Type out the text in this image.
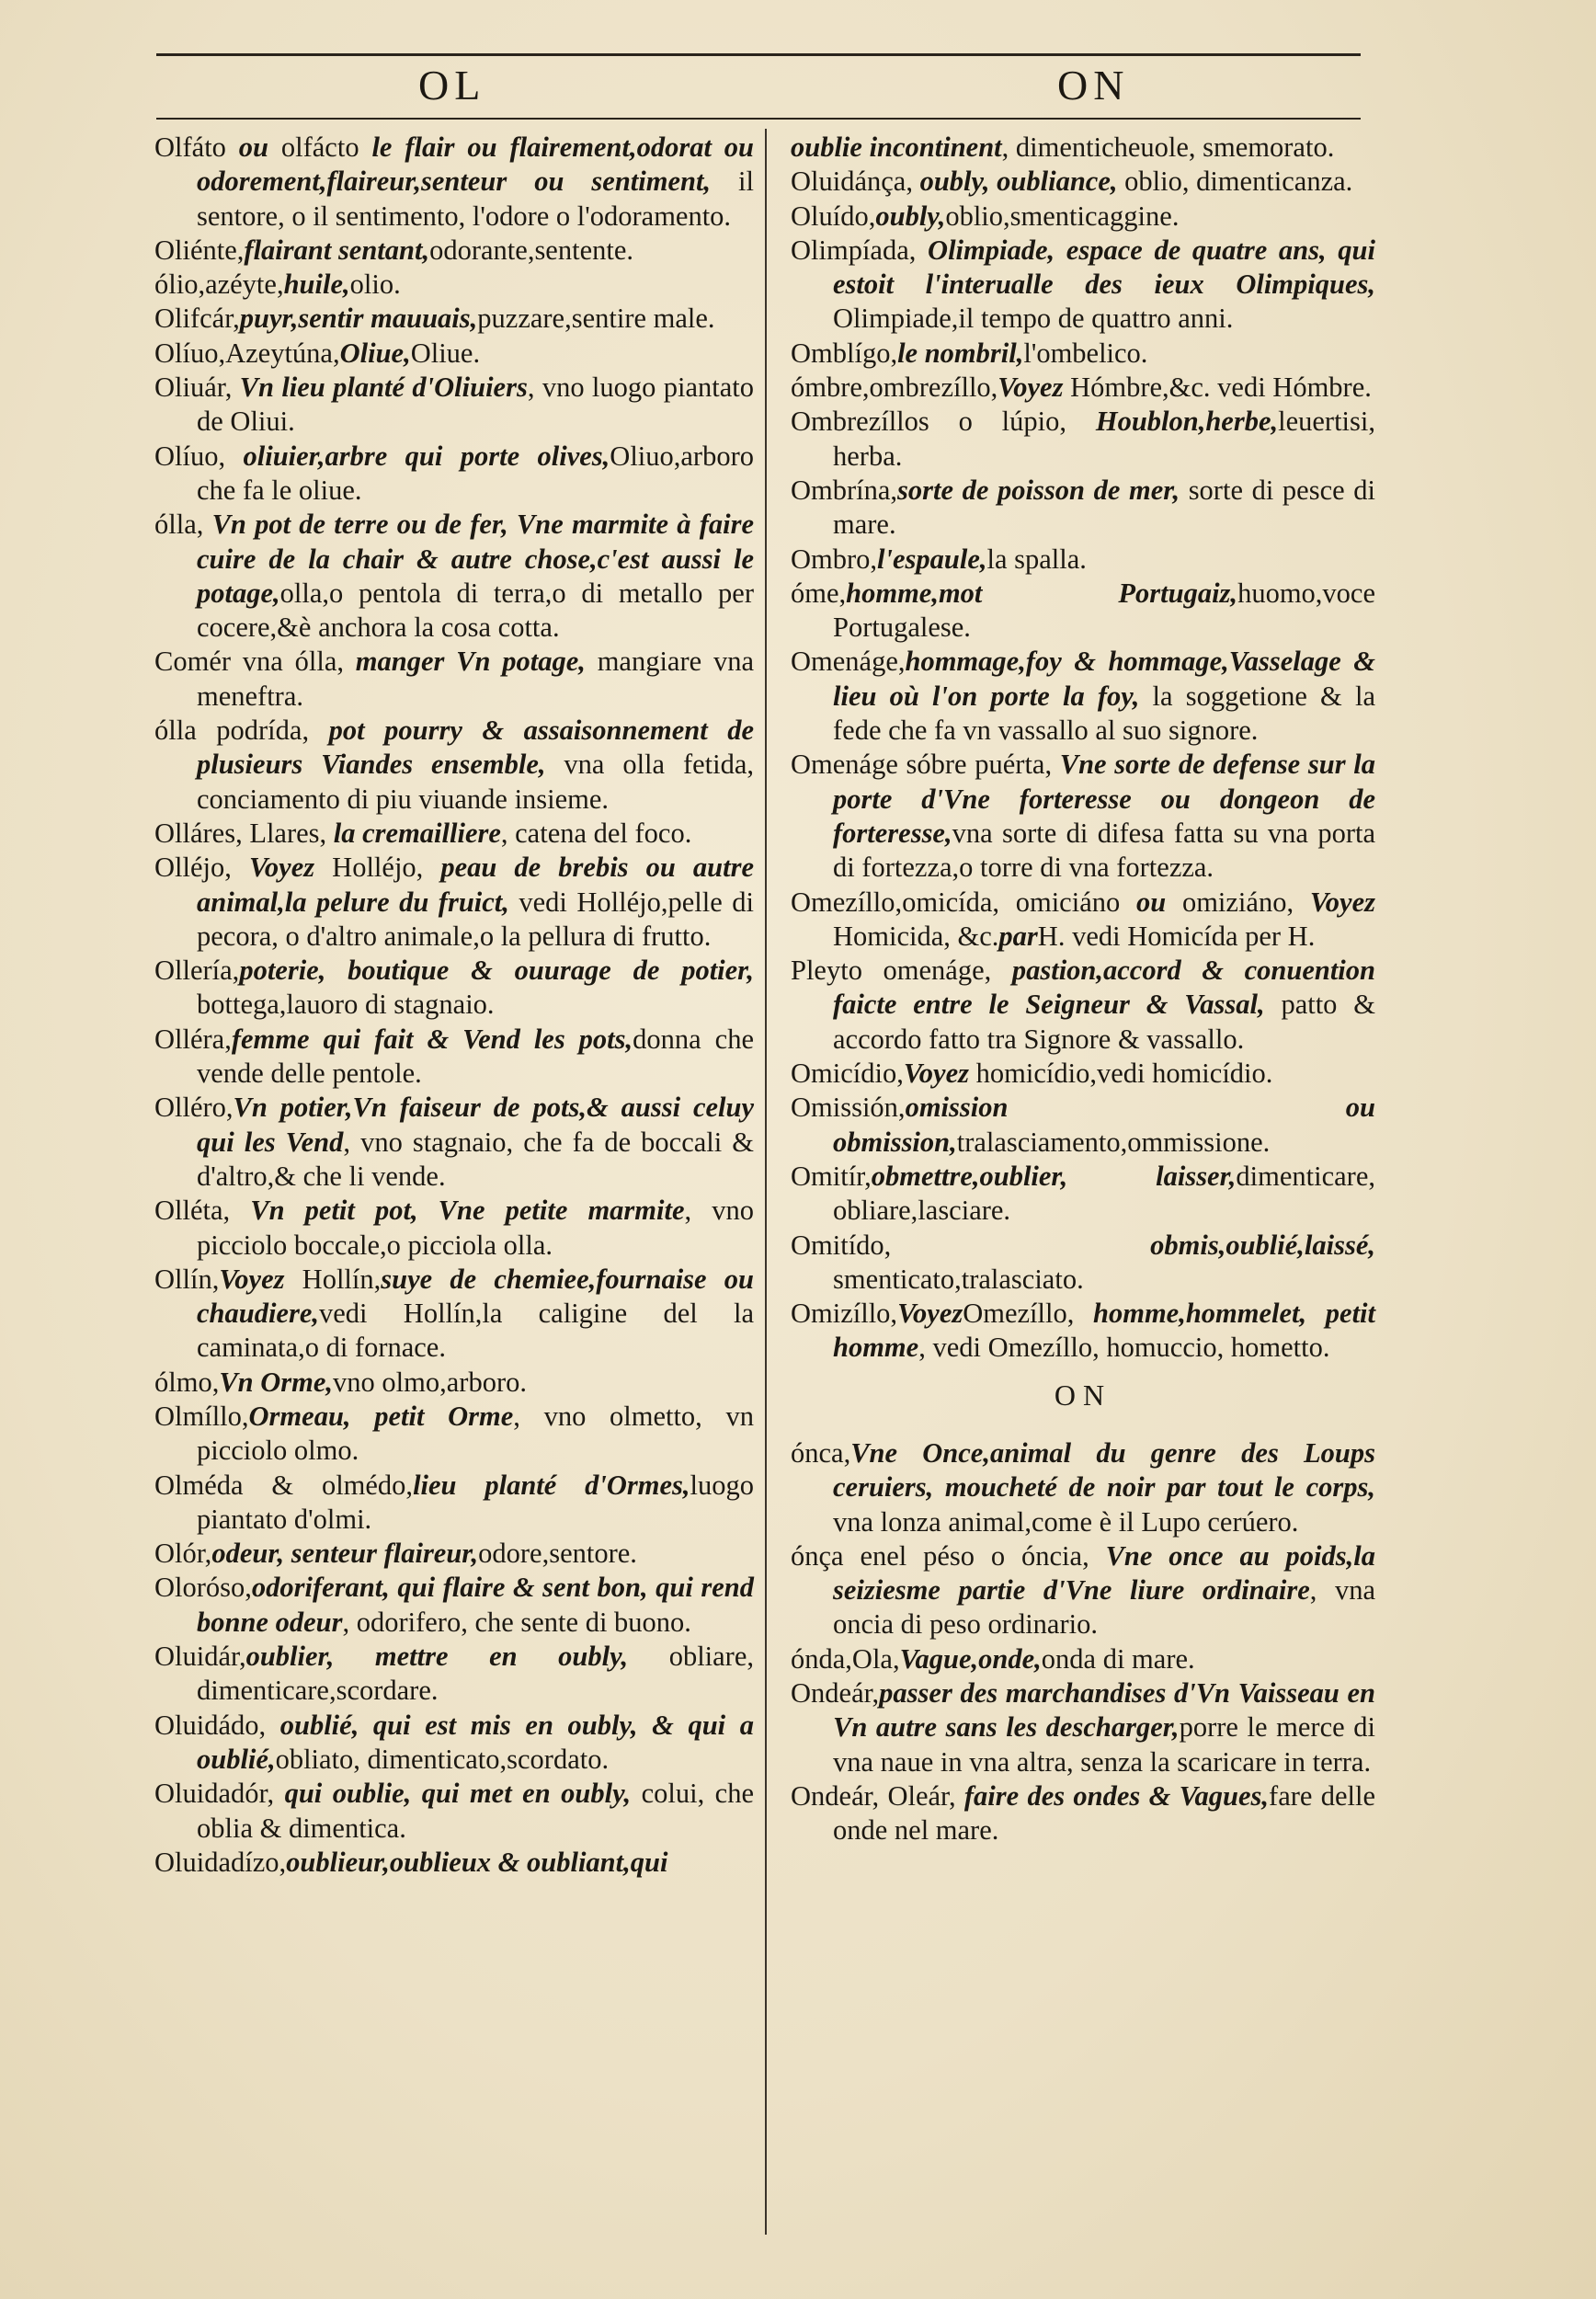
OL	ON

Olfáto ou olfácto le flair ou flairement,odorat ou odorement,flaireur,senteur ou sentiment, il sentore, o il sentimento, l'odore o l'odoramento.

Oliénte,flairant sentant,odorante,sentente.

ólio,azéyte,huile,olio.

Olifcár,puyr,sentir mauuais,puzzare,sentire male.

Olíuo,Azeytúna,Oliue,Oliue.

Oliuár, Vn lieu planté d'Oliuiers, vno luogo piantato de Oliui.

Olíuo, oliuier,arbre qui porte olives,Oliuo,arboro che fa le oliue.

ólla, Vn pot de terre ou de fer, Vne marmite à faire cuire de la chair & autre chose,c'est aussi le potage,olla,o pentola di terra,o di metallo per cocere,&è anchora la cosa cotta.

Comér vna ólla, manger Vn potage, mangiare vna meneftra.

ólla podrída, pot pourry & assaisonnement de plusieurs Viandes ensemble, vna olla fetida, conciamento di piu viuande insieme.

Olláres, Llares, la cremailliere, catena del foco.

Olléjo, Voyez Holléjo, peau de brebis ou autre animal,la pelure du fruict, vedi Holléjo,pelle di pecora, o d'altro animale,o la pellura di frutto.

Ollería,poterie, boutique & ouurage de potier, bottega,lauoro di stagnaio.

Olléra,femme qui fait & Vend les pots,donna che vende delle pentole.

Olléro,Vn potier,Vn faiseur de pots,& aussi celuy qui les Vend, vno stagnaio, che fa de boccali & d'altro,& che li vende.

Olléta, Vn petit pot, Vne petite marmite, vno picciolo boccale,o picciola olla.

Ollín,Voyez Hollín,suye de chemiee,fournaise ou chaudiere,vedi Hollín,la caligine del la caminata,o di fornace.

ólmo,Vn Orme,vno olmo,arboro.

Olmíllo,Ormeau, petit Orme, vno olmetto, vn picciolo olmo.

Olméda & olmédo,lieu planté d'Ormes,luogo piantato d'olmi.

Olór,odeur, senteur flaireur,odore,sentore.

Oloróso,odoriferant, qui flaire & sent bon, qui rend bonne odeur, odorifero, che sente di buono.

Oluidár,oublier, mettre en oubly, obliare, dimenticare,scordare.

Oluidádo, oublié, qui est mis en oubly, & qui a oublié,obliato, dimenticato,scordato.

Oluidadór, qui oublie, qui met en oubly, colui, che oblia & dimentica.

Oluidadízo,oublieur,oublieux & oubliant,qui

oublie incontinent, dimenticheuole, smemorato.

Oluidánça, oubly, oubliance, oblio, dimenticanza.

Oluído,oubly,oblio,smenticaggine.

Olimpíada, Olimpiade, espace de quatre ans, qui estoit l'interualle des ieux Olimpiques, Olimpiade,il tempo de quattro anni.

Omblígo,le nombril,l'ombelico.

ómbre,ombrezíllo,Voyez Hómbre,&c. vedi Hómbre.

Ombrezíllos o lúpio, Houblon,herbe,leuertisi, herba.

Ombrína,sorte de poisson de mer, sorte di pesce di mare.

Ombro,l'espaule,la spalla.

óme,homme,mot Portugaiz,huomo,voce Portugalese.

Omenáge,hommage,foy & hommage,Vasselage & lieu où l'on porte la foy, la soggetione & la fede che fa vn vassallo al suo signore.

Omenáge sóbre puérta, Vne sorte de defense sur la porte d'Vne forteresse ou dongeon de forteresse,vna sorte di difesa fatta su vna porta di fortezza,o torre di vna fortezza.

Omezíllo,omicída, omiciáno ou omiziáno, Voyez Homicida, &c.parH. vedi Homicída per H.

Pleyto omenáge, pastion,accord & conuention faicte entre le Seigneur & Vassal, patto & accordo fatto tra Signore & vassallo.

Omicídio,Voyez homicídio,vedi homicídio.

Omissión,omission ou obmission,tralasciamento,ommissione.

Omitír,obmettre,oublier, laisser,dimenticare, obliare,lasciare.

Omitído, obmis,oublié,laissé, smenticato,tralasciato.

Omizíllo,VoyezOmezíllo, homme,hommelet, petit homme, vedi Omezíllo, homuccio, hometto.

ON

ónca,Vne Once,animal du genre des Loups ceruiers, moucheté de noir par tout le corps, vna lonza animal,come è il Lupo cerúero.

ónça enel péso o óncia, Vne once au poids,la seiziesme partie d'Vne liure ordinaire, vna oncia di peso ordinario.

ónda,Ola,Vague,onde,onda di mare.

Ondeár,passer des marchandises d'Vn Vaisseau en Vn autre sans les descharger,porre le merce di vna naue in vna altra, senza la scaricare in terra.

Ondeár, Oleár, faire des ondes & Vagues,fare delle onde nel mare.
